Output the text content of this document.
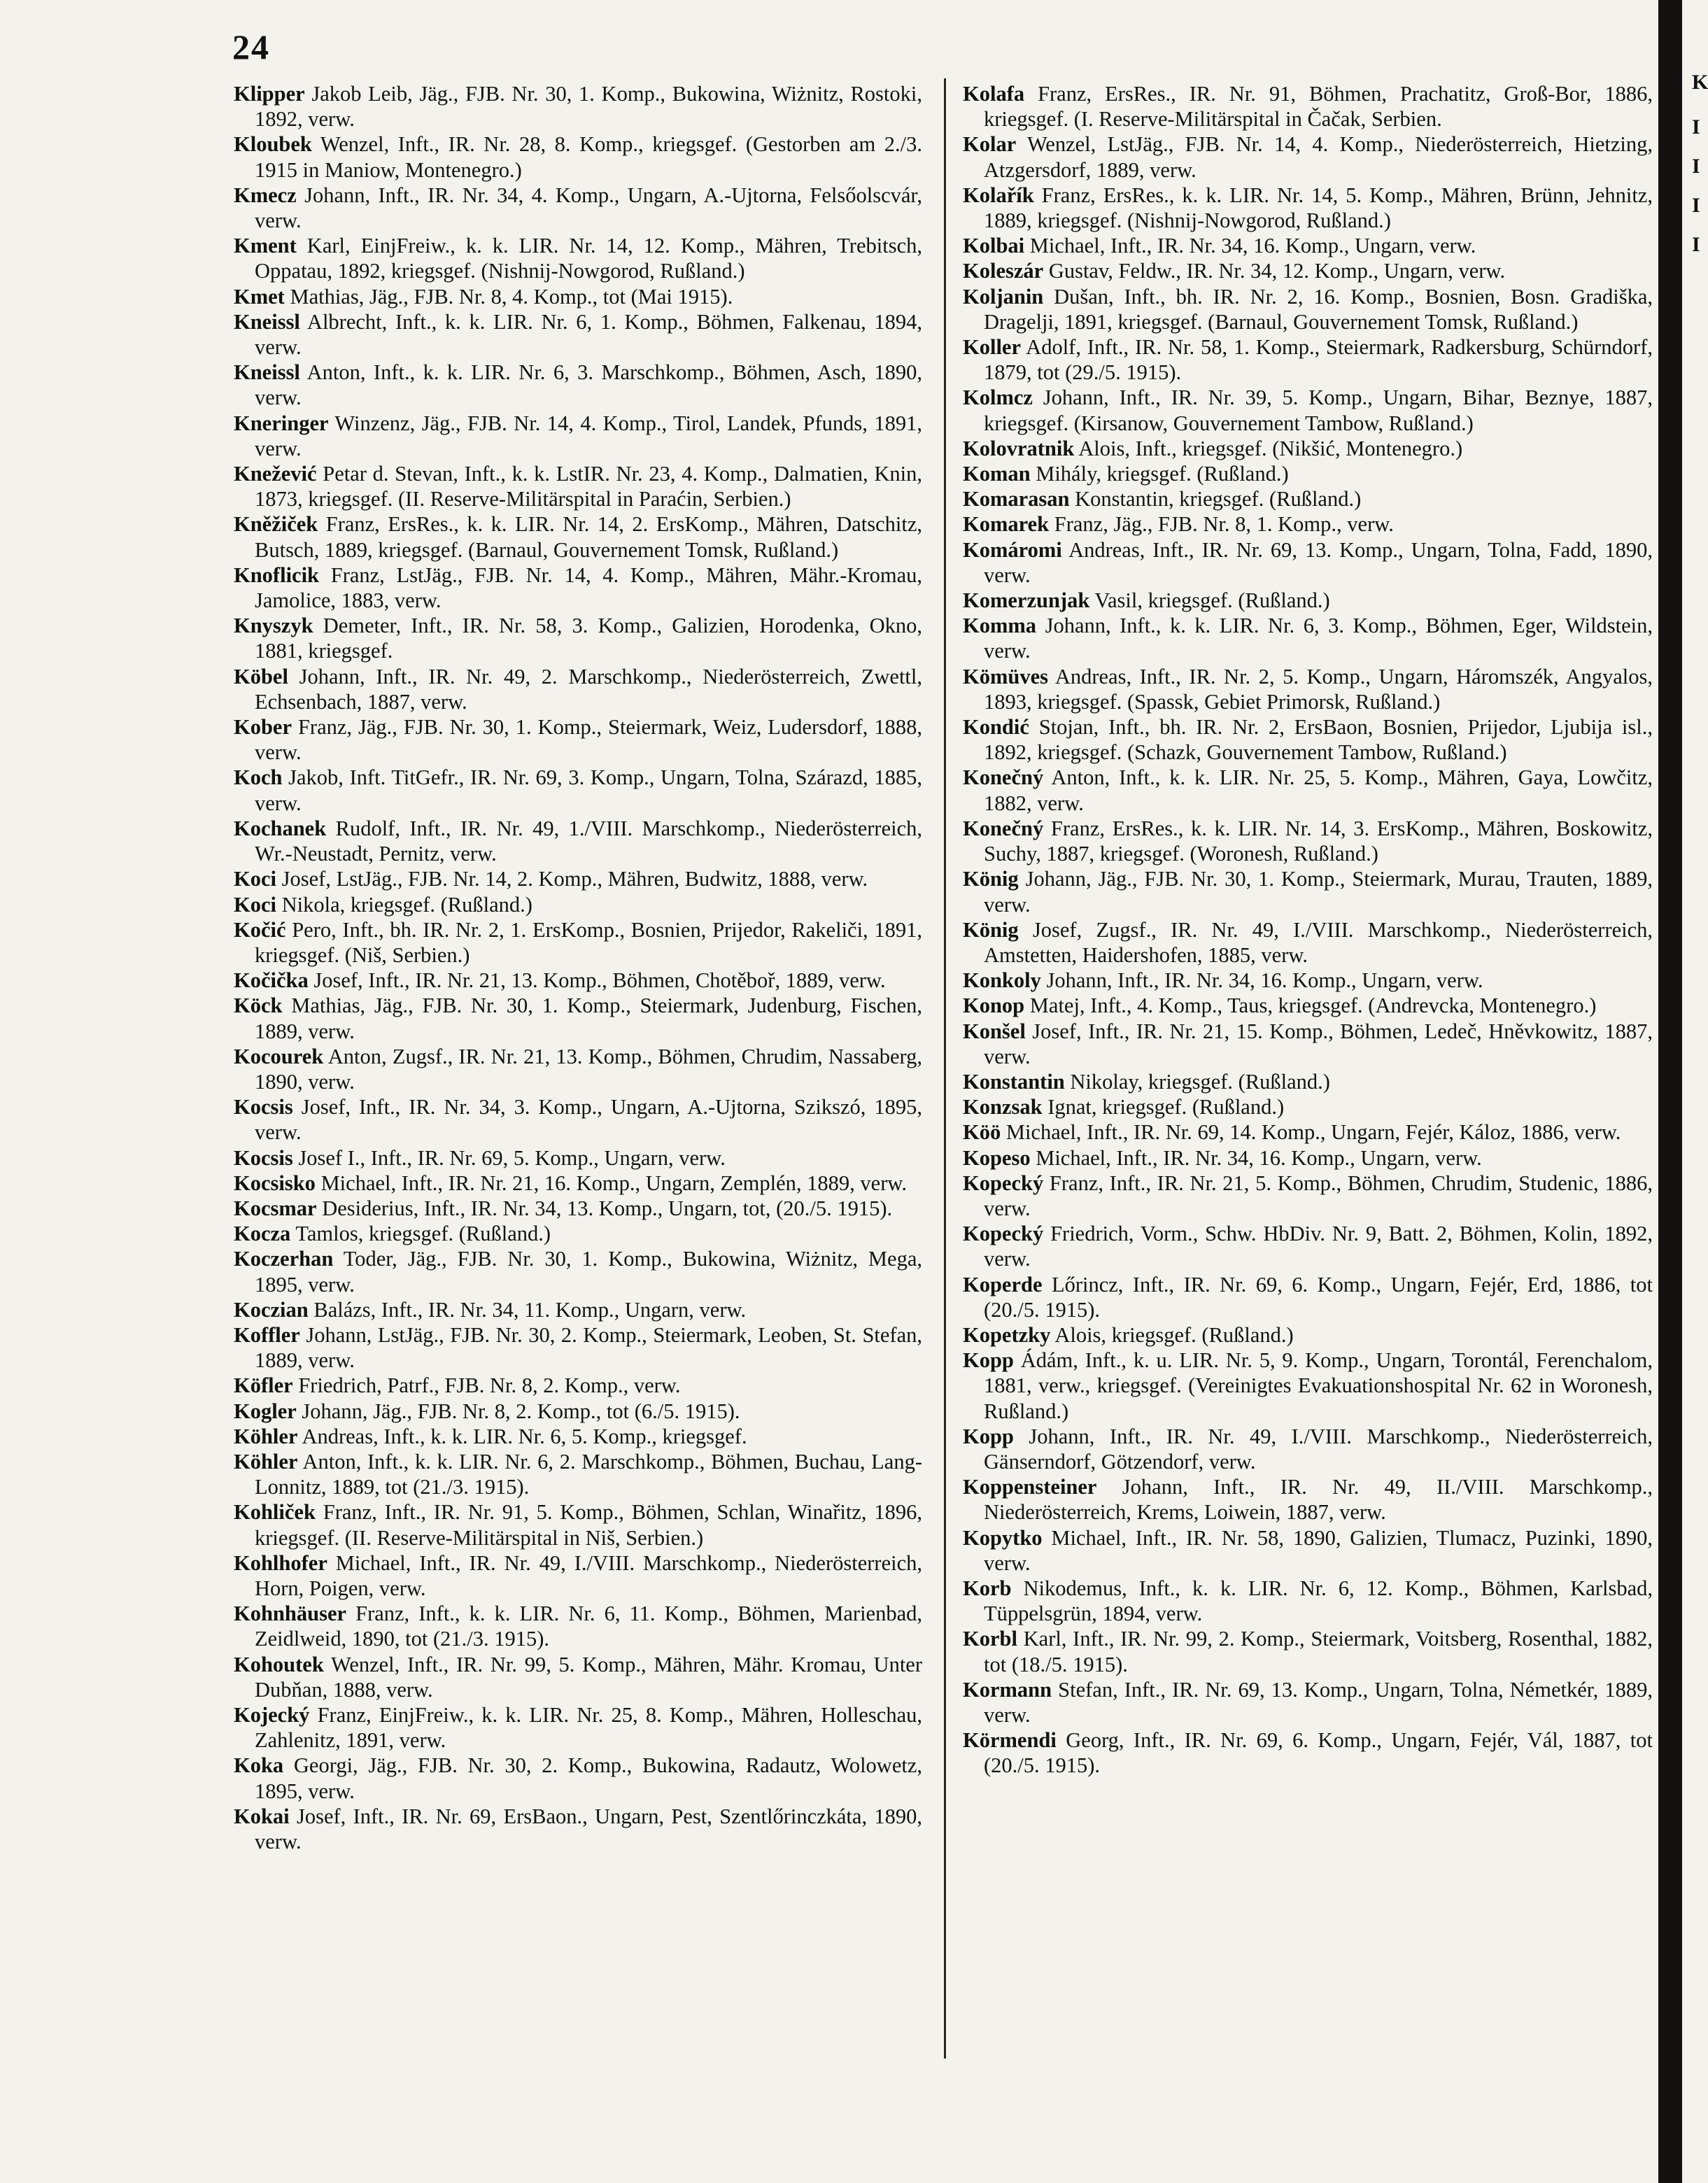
24
Klipper Jakob Leib, Jäg., FJB. Nr. 30, 1. Komp., Bukowina, Wiżnitz, Rostoki, 1892, verw.
Kloubek Wenzel, Inft., IR. Nr. 28, 8. Komp., kriegsgef. (Gestorben am 2./3. 1915 in Maniow, Montenegro.)
Kmecz Johann, Inft., IR. Nr. 34, 4. Komp., Ungarn, A.-Ujtorna, Felsőolscvár, verw.
Kment Karl, EinjFreiw., k. k. LIR. Nr. 14, 12. Komp., Mähren, Trebitsch, Oppatau, 1892, kriegsgef. (Nishnij-Nowgorod, Rußland.)
Kmet Mathias, Jäg., FJB. Nr. 8, 4. Komp., tot (Mai 1915).
Kneissl Albrecht, Inft., k. k. LIR. Nr. 6, 1. Komp., Böhmen, Falkenau, 1894, verw.
Kneissl Anton, Inft., k. k. LIR. Nr. 6, 3. Marschkomp., Böhmen, Asch, 1890, verw.
Kneringer Winzenz, Jäg., FJB. Nr. 14, 4. Komp., Tirol, Landek, Pfunds, 1891, verw.
Knežević Petar d. Stevan, Inft., k. k. LstIR. Nr. 23, 4. Komp., Dalmatien, Knin, 1873, kriegsgef. (II. Reserve-Militärspital in Paraćin, Serbien.)
Kněžiček Franz, ErsRes., k. k. LIR. Nr. 14, 2. ErsKomp., Mähren, Datschitz, Butsch, 1889, kriegsgef. (Barnaul, Gouvernement Tomsk, Rußland.)
Knoflicik Franz, LstJäg., FJB. Nr. 14, 4. Komp., Mähren, Mähr.-Kromau, Jamolice, 1883, verw.
Knyszyk Demeter, Inft., IR. Nr. 58, 3. Komp., Galizien, Horodenka, Okno, 1881, kriegsgef.
Köbel Johann, Inft., IR. Nr. 49, 2. Marschkomp., Niederösterreich, Zwettl, Echsenbach, 1887, verw.
Kober Franz, Jäg., FJB. Nr. 30, 1. Komp., Steiermark, Weiz, Ludersdorf, 1888, verw.
Koch Jakob, Inft. TitGefr., IR. Nr. 69, 3. Komp., Ungarn, Tolna, Szárazd, 1885, verw.
Kochanek Rudolf, Inft., IR. Nr. 49, 1./VIII. Marschkomp., Niederösterreich, Wr.-Neustadt, Pernitz, verw.
Koci Josef, LstJäg., FJB. Nr. 14, 2. Komp., Mähren, Budwitz, 1888, verw.
Koci Nikola, kriegsgef. (Rußland.)
Kočić Pero, Inft., bh. IR. Nr. 2, 1. ErsKomp., Bosnien, Prijedor, Rakeliči, 1891, kriegsgef. (Niš, Serbien.)
Kočička Josef, Inft., IR. Nr. 21, 13. Komp., Böhmen, Chotěboř, 1889, verw.
Köck Mathias, Jäg., FJB. Nr. 30, 1. Komp., Steiermark, Judenburg, Fischen, 1889, verw.
Kocourek Anton, Zugsf., IR. Nr. 21, 13. Komp., Böhmen, Chrudim, Nassaberg, 1890, verw.
Kocsis Josef, Inft., IR. Nr. 34, 3. Komp., Ungarn, A.-Ujtorna, Szikszó, 1895, verw.
Kocsis Josef I., Inft., IR. Nr. 69, 5. Komp., Ungarn, verw.
Kocsisko Michael, Inft., IR. Nr. 21, 16. Komp., Ungarn, Zemplén, 1889, verw.
Kocsmar Desiderius, Inft., IR. Nr. 34, 13. Komp., Ungarn, tot, (20./5. 1915).
Kocza Tamlos, kriegsgef. (Rußland.)
Koczerhan Toder, Jäg., FJB. Nr. 30, 1. Komp., Bukowina, Wiżnitz, Mega, 1895, verw.
Koczian Balázs, Inft., IR. Nr. 34, 11. Komp., Ungarn, verw.
Koffler Johann, LstJäg., FJB. Nr. 30, 2. Komp., Steiermark, Leoben, St. Stefan, 1889, verw.
Köfler Friedrich, Patrf., FJB. Nr. 8, 2. Komp., verw.
Kogler Johann, Jäg., FJB. Nr. 8, 2. Komp., tot (6./5. 1915).
Köhler Andreas, Inft., k. k. LIR. Nr. 6, 5. Komp., kriegsgef.
Köhler Anton, Inft., k. k. LIR. Nr. 6, 2. Marschkomp., Böhmen, Buchau, Lang-Lonnitz, 1889, tot (21./3. 1915).
Kohliček Franz, Inft., IR. Nr. 91, 5. Komp., Böhmen, Schlan, Winařitz, 1896, kriegsgef. (II. Reserve-Militärspital in Niš, Serbien.)
Kohlhofer Michael, Inft., IR. Nr. 49, I./VIII. Marschkomp., Niederösterreich, Horn, Poigen, verw.
Kohnhäuser Franz, Inft., k. k. LIR. Nr. 6, 11. Komp., Böhmen, Marienbad, Zeidlweid, 1890, tot (21./3. 1915).
Kohoutek Wenzel, Inft., IR. Nr. 99, 5. Komp., Mähren, Mähr. Kromau, Unter Dubňan, 1888, verw.
Kojecký Franz, EinjFreiw., k. k. LIR. Nr. 25, 8. Komp., Mähren, Holleschau, Zahlenitz, 1891, verw.
Koka Georgi, Jäg., FJB. Nr. 30, 2. Komp., Bukowina, Radautz, Wolowetz, 1895, verw.
Kokai Josef, Inft., IR. Nr. 69, ErsBaon., Ungarn, Pest, Szentlőrinczkáta, 1890, verw.
Kolafa Franz, ErsRes., IR. Nr. 91, Böhmen, Prachatitz, Groß-Bor, 1886, kriegsgef. (I. Reserve-Militärspital in Čačak, Serbien.
Kolar Wenzel, LstJäg., FJB. Nr. 14, 4. Komp., Niederösterreich, Hietzing, Atzgersdorf, 1889, verw.
Kolařík Franz, ErsRes., k. k. LIR. Nr. 14, 5. Komp., Mähren, Brünn, Jehnitz, 1889, kriegsgef. (Nishnij-Nowgorod, Rußland.)
Kolbai Michael, Inft., IR. Nr. 34, 16. Komp., Ungarn, verw.
Koleszár Gustav, Feldw., IR. Nr. 34, 12. Komp., Ungarn, verw.
Koljanin Dušan, Inft., bh. IR. Nr. 2, 16. Komp., Bosnien, Bosn. Gradiška, Dragelji, 1891, kriegsgef. (Barnaul, Gouvernement Tomsk, Rußland.)
Koller Adolf, Inft., IR. Nr. 58, 1. Komp., Steiermark, Radkersburg, Schürndorf, 1879, tot (29./5. 1915).
Kolmcz Johann, Inft., IR. Nr. 39, 5. Komp., Ungarn, Bihar, Beznye, 1887, kriegsgef. (Kirsanow, Gouvernement Tambow, Rußland.)
Kolovratnik Alois, Inft., kriegsgef. (Nikšić, Montenegro.)
Koman Mihály, kriegsgef. (Rußland.)
Komarasan Konstantin, kriegsgef. (Rußland.)
Komarek Franz, Jäg., FJB. Nr. 8, 1. Komp., verw.
Komáromi Andreas, Inft., IR. Nr. 69, 13. Komp., Ungarn, Tolna, Fadd, 1890, verw.
Komerzunjak Vasil, kriegsgef. (Rußland.)
Komma Johann, Inft., k. k. LIR. Nr. 6, 3. Komp., Böhmen, Eger, Wildstein, verw.
Kömüves Andreas, Inft., IR. Nr. 2, 5. Komp., Ungarn, Háromszék, Angyalos, 1893, kriegsgef. (Spassk, Gebiet Primorsk, Rußland.)
Kondić Stojan, Inft., bh. IR. Nr. 2, ErsBaon, Bosnien, Prijedor, Ljubija isl., 1892, kriegsgef. (Schazk, Gouvernement Tambow, Rußland.)
Konečný Anton, Inft., k. k. LIR. Nr. 25, 5. Komp., Mähren, Gaya, Lowčitz, 1882, verw.
Konečný Franz, ErsRes., k. k. LIR. Nr. 14, 3. ErsKomp., Mähren, Boskowitz, Suchy, 1887, kriegsgef. (Woronesh, Rußland.)
König Johann, Jäg., FJB. Nr. 30, 1. Komp., Steiermark, Murau, Trauten, 1889, verw.
König Josef, Zugsf., IR. Nr. 49, I./VIII. Marschkomp., Niederösterreich, Amstetten, Haidershofen, 1885, verw.
Konkoly Johann, Inft., IR. Nr. 34, 16. Komp., Ungarn, verw.
Konop Matej, Inft., 4. Komp., Taus, kriegsgef. (Andrevcka, Montenegro.)
Konšel Josef, Inft., IR. Nr. 21, 15. Komp., Böhmen, Ledeč, Hněvkowitz, 1887, verw.
Konstantin Nikolay, kriegsgef. (Rußland.)
Konzsak Ignat, kriegsgef. (Rußland.)
Köö Michael, Inft., IR. Nr. 69, 14. Komp., Ungarn, Fejér, Káloz, 1886, verw.
Kopeso Michael, Inft., IR. Nr. 34, 16. Komp., Ungarn, verw.
Kopecký Franz, Inft., IR. Nr. 21, 5. Komp., Böhmen, Chrudim, Studenic, 1886, verw.
Kopecký Friedrich, Vorm., Schw. HbDiv. Nr. 9, Batt. 2, Böhmen, Kolin, 1892, verw.
Koperde Lőrincz, Inft., IR. Nr. 69, 6. Komp., Ungarn, Fejér, Erd, 1886, tot (20./5. 1915).
Kopetzky Alois, kriegsgef. (Rußland.)
Kopp Ádám, Inft., k. u. LIR. Nr. 5, 9. Komp., Ungarn, Torontál, Ferenchalom, 1881, verw., kriegsgef. (Vereinigtes Evakuationshospital Nr. 62 in Woronesh, Rußland.)
Kopp Johann, Inft., IR. Nr. 49, I./VIII. Marschkomp., Niederösterreich, Gänserndorf, Götzendorf, verw.
Koppensteiner Johann, Inft., IR. Nr. 49, II./VIII. Marschkomp., Niederösterreich, Krems, Loiwein, 1887, verw.
Kopytko Michael, Inft., IR. Nr. 58, 1890, Galizien, Tlumacz, Puzinki, 1890, verw.
Korb Nikodemus, Inft., k. k. LIR. Nr. 6, 12. Komp., Böhmen, Karlsbad, Tüppelsgrün, 1894, verw.
Korbl Karl, Inft., IR. Nr. 99, 2. Komp., Steiermark, Voitsberg, Rosenthal, 1882, tot (18./5. 1915).
Kormann Stefan, Inft., IR. Nr. 69, 13. Komp., Ungarn, Tolna, Németkér, 1889, verw.
Körmendi Georg, Inft., IR. Nr. 69, 6. Komp., Ungarn, Fejér, Vál, 1887, tot (20./5. 1915).
K
I
I
I
I
